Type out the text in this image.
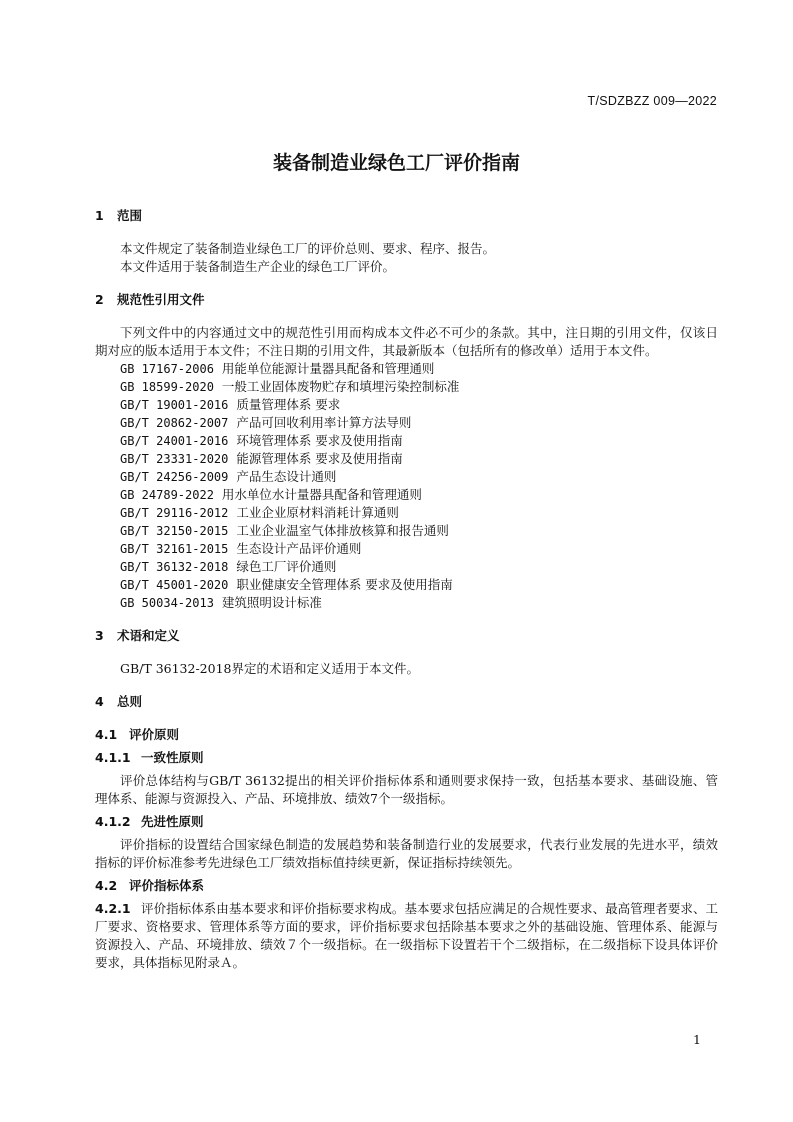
T/SDZBZZ 009—2022
装备制造业绿色工厂评价指南
1 范围

本文件规定了装备制造业绿色工厂的评价总则、要求、程序、报告。

本文件适用于装备制造生产企业的绿色工厂评价。

2 规范性引用文件

下列文件中的内容通过文中的规范性引用而构成本文件必不可少的条款。其中，注日期的引用文件，仅该日期对应的版本适用于本文件；不注日期的引用文件，其最新版本（包括所有的修改单）适用于本文件。

GB 17167-2006 用能单位能源计量器具配备和管理通则
GB 18599-2020 一般工业固体废物贮存和填埋污染控制标准
GB/T 19001-2016 质量管理体系 要求
GB/T 20862-2007 产品可回收利用率计算方法导则
GB/T 24001-2016 环境管理体系 要求及使用指南
GB/T 23331-2020 能源管理体系 要求及使用指南
GB/T 24256-2009 产品生态设计通则
GB 24789-2022 用水单位水计量器具配备和管理通则
GB/T 29116-2012 工业企业原材料消耗计算通则
GB/T 32150-2015 工业企业温室气体排放核算和报告通则
GB/T 32161-2015 生态设计产品评价通则
GB/T 36132-2018 绿色工厂评价通则
GB/T 45001-2020 职业健康安全管理体系 要求及使用指南
GB 50034-2013 建筑照明设计标准
3 术语和定义

GB/T 36132-2018界定的术语和定义适用于本文件。

4 总则
4.1 评价原则
4.1.1 一致性原则

评价总体结构与GB/T 36132提出的相关评价指标体系和通则要求保持一致，包括基本要求、基础设施、管理体系、能源与资源投入、产品、环境排放、绩效7个一级指标。

4.1.2 先进性原则

评价指标的设置结合国家绿色制造的发展趋势和装备制造行业的发展要求，代表行业发展的先进水平，绩效指标的评价标准参考先进绿色工厂绩效指标值持续更新，保证指标持续领先。

4.2 评价指标体系

4.2.1 评价指标体系由基本要求和评价指标要求构成。基本要求包括应满足的合规性要求、最高管理者要求、工厂要求、资格要求、管理体系等方面的要求，评价指标要求包括除基本要求之外的基础设施、管理体系、能源与资源投入、产品、环境排放、绩效７个一级指标。在一级指标下设置若干个二级指标，在二级指标下设具体评价要求，具体指标见附录Ａ。

1
